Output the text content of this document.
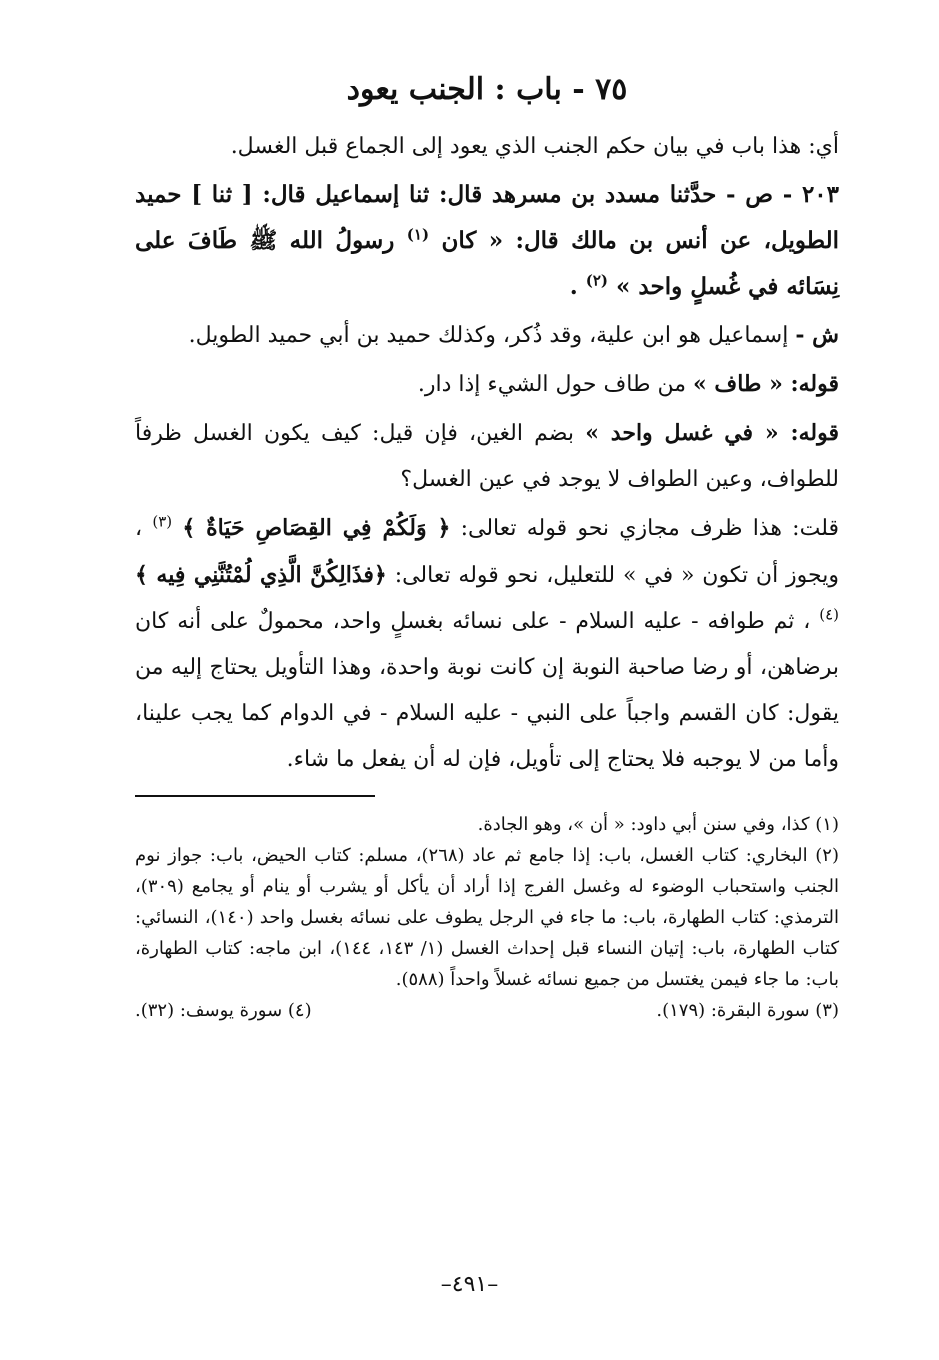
٧٥ - باب : الجنب يعود

أي: هذا باب في بيان حكم الجنب الذي يعود إلى الجماع قبل الغسل.

٢٠٣ - ص - حدَّثنا مسدد بن مسرهد قال: ثنا إسماعيل قال: [ ثنا ] حميد الطويل، عن أنس بن مالك قال: « كان $^{(١)}$ رسولُ الله ﷺ طَافَ على نِسَائه في غُسلٍ واحد » $^{(٢)}$ .

ش - إسماعيل هو ابن علية، وقد ذُكر، وكذلك حميد بن أبي حميد الطويل.

قوله: « طاف » من طاف حول الشيء إذا دار.

قوله: « في غسل واحد » بضم الغين، فإن قيل: كيف يكون الغسل ظرفاً للطواف، وعين الطواف لا يوجد في عين الغسل؟

قلت: هذا ظرف مجازي نحو قوله تعالى: ﴿ وَلَكُمْ فِي القِصَاصِ حَيَاةٌ ﴾ $^{(٣)}$ ، ويجوز أن تكون « في » للتعليل، نحو قوله تعالى: ﴿فذَالِكُنَّ الَّذِي لُمْتُنَّنِي فِيه ﴾ $^{(٤)}$ ، ثم طوافه - عليه السلام - على نسائه بغسلٍ واحد، محمولٌ على أنه كان برضاهن، أو رضا صاحبة النوبة إن كانت نوبة واحدة، وهذا التأويل يحتاج إليه من يقول: كان القسم واجباً على النبي - عليه السلام - في الدوام كما يجب علينا، وأما من لا يوجبه فلا يحتاج إلى تأويل، فإن له أن يفعل ما شاء.

(١) كذا، وفي سنن أبي داود: « أن »، وهو الجادة.

(٢) البخاري: كتاب الغسل، باب: إذا جامع ثم عاد (٢٦٨)، مسلم: كتاب الحيض، باب: جواز نوم الجنب واستحباب الوضوء له وغسل الفرج إذا أراد أن يأكل أو يشرب أو ينام أو يجامع (٣٠٩)، الترمذي: كتاب الطهارة، باب: ما جاء في الرجل يطوف على نسائه بغسل واحد (١٤٠)، النسائي: كتاب الطهارة، باب: إتيان النساء قبل إحداث الغسل (١/ ١٤٣، ١٤٤)، ابن ماجه: كتاب الطهارة، باب: ما جاء فيمن يغتسل من جميع نسائه غسلاً واحداً (٥٨٨).

(٣) سورة البقرة: (١٧٩).
(٤) سورة يوسف: (٣٢).
–٤٩١–
